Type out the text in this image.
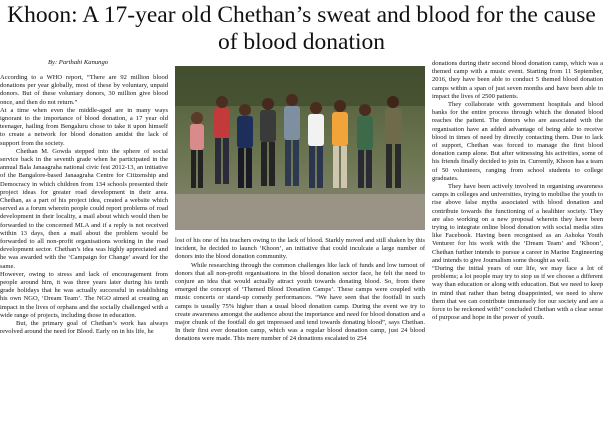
Khoon: A 17-year old Chethan’s sweat and blood for the cause of blood donation

By: Parthabi Kanungo

According to a WHO report, “There are 92 million blood donations per year globally, most of these by voluntary, unpaid donors. But of these voluntary donors, 30 million give blood once, and then do not return.”

At a time when even the middle-aged are in many ways ignorant to the importance of blood donation, a 17 year old teenager, hailing from Bengaluru chose to take it upon himself to create a network for blood donation amidst the lack of support from the society.

Chethan M. Gowda stepped into the sphere of social service back in the seventh grade when he participated in the annual Bala Janaagraha national civic fest 2012-13, an initiative of the Bangalore-based Janaagraha Centre for Citizenship and Democracy in which children from 134 schools presented their project ideas for greater road development in their area. Chethan, as a part of his project idea, created a website which served as a forum wherein people could report problems of road development in their locality, a mail about which would then be forwarded to the concerned MLA and if a reply is not received within 13 days, then a mail about the problem would be forwarded to all non-profit organisations working in the road development sector. Chethan’s idea was highly appreciated and he was awarded with the ‘Campaign for Change’ award for the same.

However, owing to stress and lack of encouragement from people around him, it was three years later during his tenth grade holidays that he was actually successful in establishing his own NGO, ‘Dream Team’. The NGO aimed at creating an impact in the lives of orphans and the socially challenged with a wide range of projects, including those in education.

But, the primary goal of Chethan’s work has always revolved around the need for Blood. Early on in his life, he

lost of his one of his teachers owing to the lack of blood. Starkly moved and still shaken by this incident, he decided to launch ‘Khoon’, an initiative that could inculcate a large number of donors into the blood donation community.

While researching through the common challenges like lack of funds and low turnout of donors that all non-profit organisations in the blood donation sector face, he felt the need to conjure an idea that would actually attract youth towards donating blood. So, from there emerged the concept of ‘Themed Blood Donation Camps’. These camps were coupled with music concerts or stand-up comedy performances. “We have seen that the footfall in such camps is usually 75% higher than a usual blood donation camp. During the event we try to create awareness amongst the audience about the importance and need for blood donation and a major chunk of the footfall do get impressed and tend towards donating blood”, says Chethan. In their first ever donation camp, which was a regular blood donation camp, just 24 blood donations were made. This mere number of 24 donations escalated to 254

donations during their second blood donation camp, which was a themed camp with a music event. Starting from 11 September, 2016, they have been able to conduct 5 themed blood donation camps within a span of just seven months and have been able to impact the lives of 2500 patients.

They collaborate with government hospitals and blood banks for the entire process through which the donated blood reaches the patient. The donors who are associated with the organisation have an added advantage of being able to receive blood in times of need by directly contacting them. Due to lack of support, Chethan was forced to manage the first blood donation camp alone. But after witnessing his activities, some of his friends finally decided to join in. Currently, Khoon has a team of 50 volunteers, ranging from school students to college graduates.

They have been actively involved in organising awareness camps in colleges and universities, trying to mobilise the youth to rise above false myths associated with blood donation and contribute towards the functioning of a healthier society. They are also working on a new proposal wherein they have been trying to integrate online blood donation with social media sites like Facebook. Having been recognised as an Ashoka Youth Venturer for his work with the ‘Dream Team’ and ‘Khoon’, Chethan further intends to pursue a career in Marine Engineering and intends to give Journalism some thought as well.

“During the initial years of our life, we may face a lot of problems; a lot people may try to stop us if we choose a different way than education or along with education. But we need to keep in mind that rather than being disappointed, we need to show them that we can contribute immensely for our society and are a force to be reckoned with!” concluded Chethan with a clear sense of purpose and hope in the power of youth.
